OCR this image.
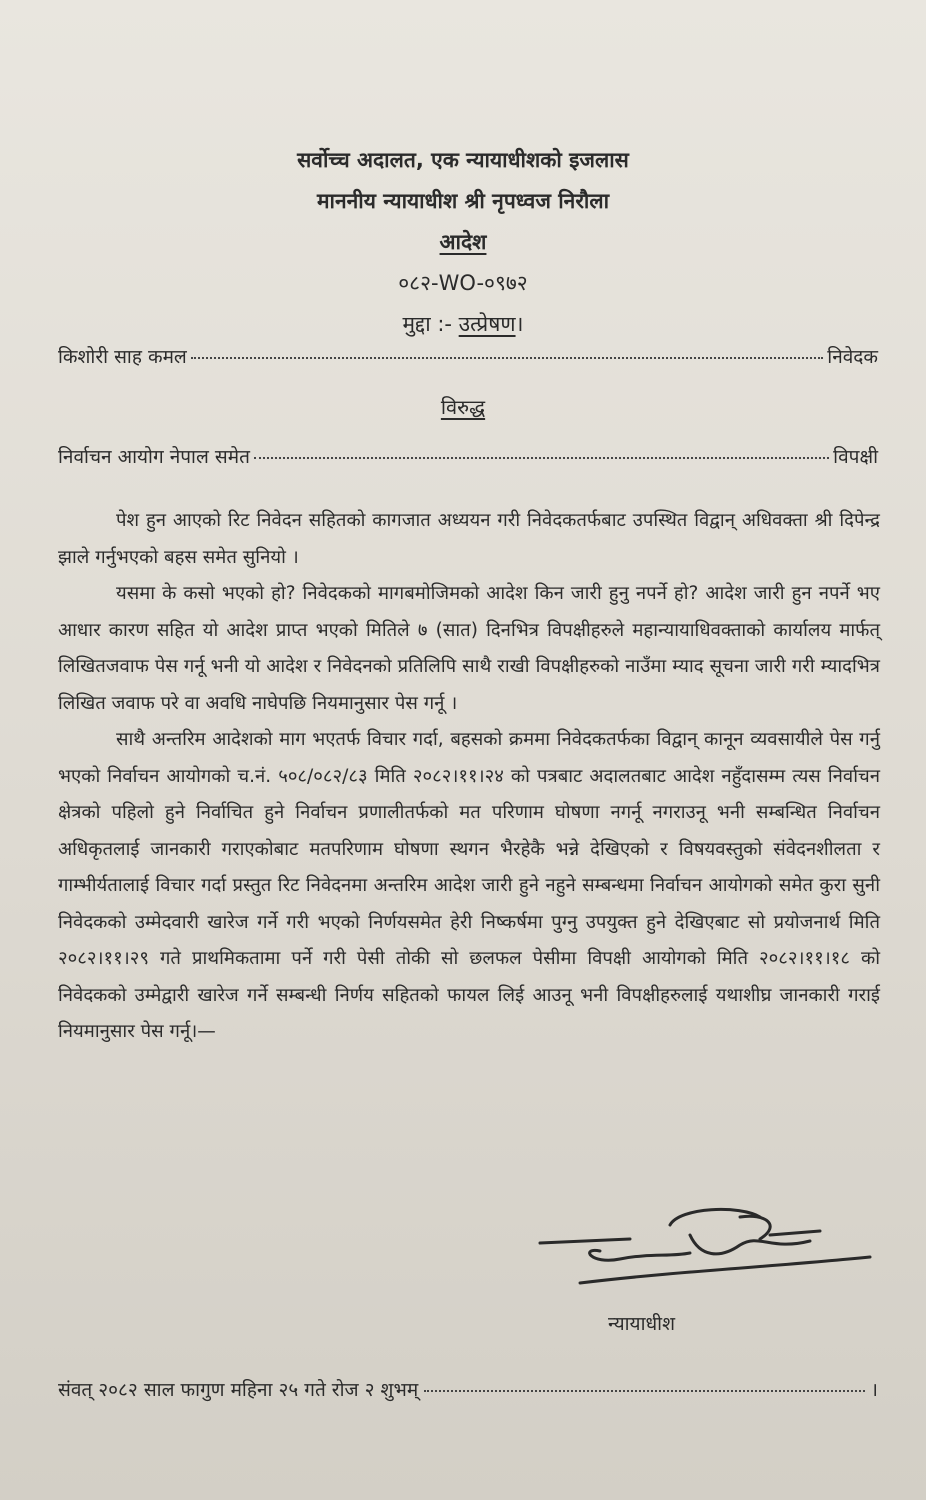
सर्वोच्च अदालत, एक न्यायाधीशको इजलास
माननीय न्यायाधीश श्री नृपध्वज निरौला
आदेश
०८२-WO-०९७२
मुद्दा :- उत्प्रेषण।
किशोरी साह कमल	निवेदक
विरुद्ध
निर्वाचन आयोग नेपाल समेत	विपक्षी

पेश हुन आएको रिट निवेदन सहितको कागजात अध्ययन गरी निवेदकतर्फबाट उपस्थित विद्वान् अधिवक्ता श्री दिपेन्द्र झाले गर्नुभएको बहस समेत सुनियो ।

यसमा के कसो भएको हो? निवेदकको मागबमोजिमको आदेश किन जारी हुनु नपर्ने हो? आदेश जारी हुन नपर्ने भए आधार कारण सहित यो आदेश प्राप्त भएको मितिले ७ (सात) दिनभित्र विपक्षीहरुले महान्यायाधिवक्ताको कार्यालय मार्फत् लिखितजवाफ पेस गर्नू भनी यो आदेश र निवेदनको प्रतिलिपि साथै राखी विपक्षीहरुको नाउँमा म्याद सूचना जारी गरी म्यादभित्र लिखित जवाफ परे वा अवधि नाघेपछि नियमानुसार पेस गर्नू ।

साथै अन्तरिम आदेशको माग भएतर्फ विचार गर्दा, बहसको क्रममा निवेदकतर्फका विद्वान् कानून व्यवसायीले पेस गर्नु भएको निर्वाचन आयोगको च.नं. ५०८/०८२/८३ मिति २०८२।११।२४ को पत्रबाट अदालतबाट आदेश नहुँदासम्म त्यस निर्वाचन क्षेत्रको पहिलो हुने निर्वाचित हुने निर्वाचन प्रणालीतर्फको मत परिणाम घोषणा नगर्नू नगराउनू भनी सम्बन्धित निर्वाचन अधिकृतलाई जानकारी गराएकोबाट मतपरिणाम घोषणा स्थगन भैरहेकै भन्ने देखिएको र विषयवस्तुको संवेदनशीलता र गाम्भीर्यतालाई विचार गर्दा प्रस्तुत रिट निवेदनमा अन्तरिम आदेश जारी हुने नहुने सम्बन्धमा निर्वाचन आयोगको समेत कुरा सुनी निवेदकको उम्मेदवारी खारेज गर्ने गरी भएको निर्णयसमेत हेरी निष्कर्षमा पुग्नु उपयुक्त हुने देखिएबाट सो प्रयोजनार्थ मिति २०८२।११।२९ गते प्राथमिकतामा पर्ने गरी पेसी तोकी सो छलफल पेसीमा विपक्षी आयोगको मिति २०८२।११।१८ को निवेदकको उम्मेद्वारी खारेज गर्ने सम्बन्धी निर्णय सहितको फायल लिई आउनू भनी विपक्षीहरुलाई यथाशीघ्र जानकारी गराई नियमानुसार पेस गर्नू।—

न्यायाधीश
संवत् २०८२ साल फागुण महिना २५ गते रोज २ शुभम्	।
